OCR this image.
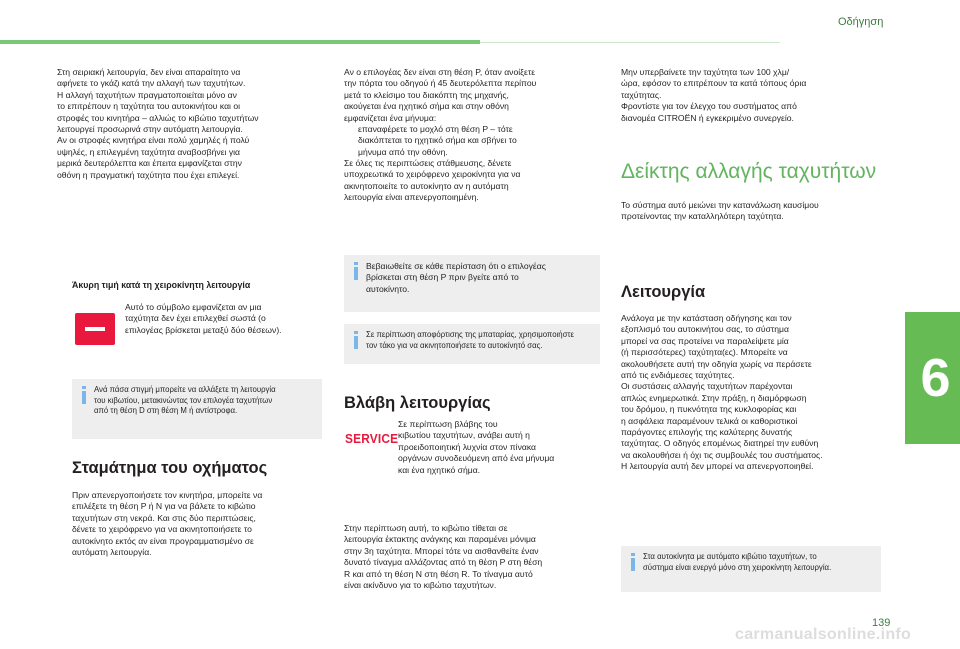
Οδήγηση

Στη σειριακή λειτουργία, δεν είναι απαραίτητο να
αφήνετε το γκάζι κατά την αλλαγή των ταχυτήτων.
Η αλλαγή ταχυτήτων πραγματοποιείται μόνο αν
το επιτρέπουν η ταχύτητα του αυτοκινήτου και οι
στροφές του κινητήρα – αλλιώς το κιβώτιο ταχυτήτων
λειτουργεί προσωρινά στην αυτόματη λειτουργία.
Αν οι στροφές κινητήρα είναι πολύ χαμηλές ή πολύ
υψηλές, η επιλεγμένη ταχύτητα αναβοσβήνει για
μερικά δευτερόλεπτα και έπειτα εμφανίζεται στην
οθόνη η πραγματική ταχύτητα που έχει επιλεγεί.

Άκυρη τιμή κατά τη χειροκίνητη λειτουργία

Αυτό το σύμβολο εμφανίζεται αν μια
ταχύτητα δεν έχει επιλεχθεί σωστά (ο
επιλογέας βρίσκεται μεταξύ δύο θέσεων).

Ανά πάσα στιγμή μπορείτε να αλλάξετε τη λειτουργία
του κιβωτίου, μετακινώντας τον επιλογέα ταχυτήτων
από τη θέση D στη θέση M ή αντίστροφα.

Σταμάτημα του οχήματος

Πριν απενεργοποιήσετε τον κινητήρα, μπορείτε να
επιλέξετε τη θέση P ή N για να βάλετε το κιβώτιο
ταχυτήτων στη νεκρά. Και στις δύο περιπτώσεις,
δένετε το χειρόφρενο για να ακινητοποιήσετε το
αυτοκίνητο εκτός αν είναι προγραμματισμένο σε
αυτόματη λειτουργία.

Αν ο επιλογέας δεν είναι στη θέση P, όταν ανοίξετε
την πόρτα του οδηγού ή 45 δευτερόλεπτα περίπου
μετά το κλείσιμο του διακόπτη της μηχανής,
ακούγεται ένα ηχητικό σήμα και στην οθόνη
εμφανίζεται ένα μήνυμα:

επαναφέρετε το μοχλό στη θέση P – τότε
διακόπτεται το ηχητικό σήμα και σβήνει το
μήνυμα από την οθόνη.

Σε όλες τις περιπτώσεις στάθμευσης, δένετε
υποχρεωτικά το χειρόφρενο χειροκίνητα για να
ακινητοποιείτε το αυτοκίνητο αν η αυτόματη
λειτουργία είναι απενεργοποιημένη.

Βεβαιωθείτε σε κάθε περίσταση ότι ο επιλογέας
βρίσκεται στη θέση P πριν βγείτε από το
αυτοκίνητο.

Σε περίπτωση αποφόρτισης της μπαταρίας, χρησιμοποιήστε
τον τάκο για να ακινητοποιήσετε το αυτοκίνητό σας.

Βλάβη λειτουργίας
SERVICE

Σε περίπτωση βλάβης του
κιβωτίου ταχυτήτων, ανάβει αυτή η
προειδοποιητική λυχνία στον πίνακα
οργάνων συνοδευόμενη από ένα μήνυμα
και ένα ηχητικό σήμα.

Στην περίπτωση αυτή, το κιβώτιο τίθεται σε
λειτουργία έκτακτης ανάγκης και παραμένει μόνιμα
στην 3η ταχύτητα. Μπορεί τότε να αισθανθείτε έναν
δυνατό τίναγμα αλλάζοντας από τη θέση P στη θέση
R και από τη θέση N στη θέση R. Το τίναγμα αυτό
είναι ακίνδυνο για το κιβώτιο ταχυτήτων.

Μην υπερβαίνετε την ταχύτητα των 100 χλμ/
ώρα, εφόσον το επιτρέπουν τα κατά τόπους όρια
ταχύτητας.
Φροντίστε για τον έλεγχο του συστήματος από
διανομέα CITROËN ή εγκεκριμένο συνεργείο.

Δείκτης αλλαγής ταχυτήτων

Το σύστημα αυτό μειώνει την κατανάλωση καυσίμου
προτείνοντας την καταλληλότερη ταχύτητα.

Λειτουργία

Ανάλογα με την κατάσταση οδήγησης και τον
εξοπλισμό του αυτοκινήτου σας, το σύστημα
μπορεί να σας προτείνει να παραλείψετε μία
(ή περισσότερες) ταχύτητα(ες). Μπορείτε να
ακολουθήσετε αυτή την οδηγία χωρίς να περάσετε
από τις ενδιάμεσες ταχύτητες.
Οι συστάσεις αλλαγής ταχυτήτων παρέχονται
απλώς ενημερωτικά. Στην πράξη, η διαμόρφωση
του δρόμου, η πυκνότητα της κυκλοφορίας και
η ασφάλεια παραμένουν τελικά οι καθοριστικοί
παράγοντες επιλογής της καλύτερης δυνατής
ταχύτητας. Ο οδηγός επομένως διατηρεί την ευθύνη
να ακολουθήσει ή όχι τις συμβουλές του συστήματος.
Η λειτουργία αυτή δεν μπορεί να απενεργοποιηθεί.

Στα αυτοκίνητα με αυτόματο κιβώτιο ταχυτήτων, το
σύστημα είναι ενεργό μόνο στη χειροκίνητη λειτουργία.

6
139
carmanualsonline.info
